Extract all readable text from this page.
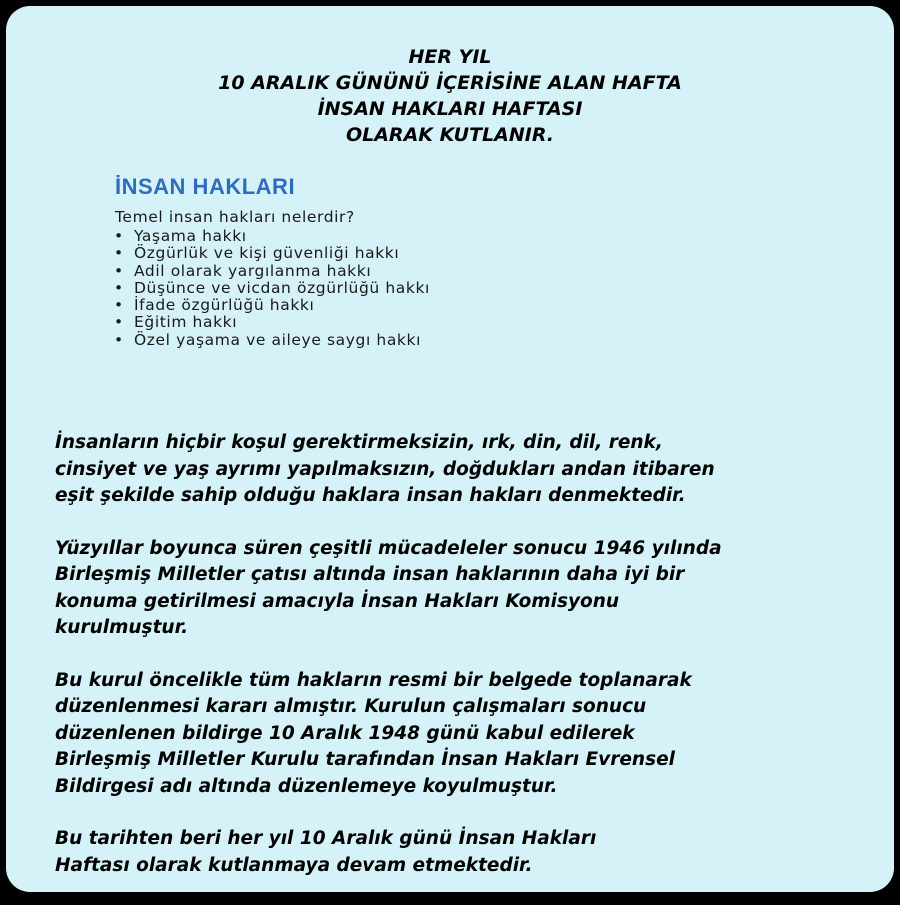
HER YIL
10 ARALIK GÜNÜNÜ İÇERİSİNE ALAN HAFTA
İNSAN HAKLARI HAFTASI
OLARAK KUTLANIR.
İNSAN HAKLARI
Temel insan hakları nelerdir?
• Yaşama hakkı
• Özgürlük ve kişi güvenliği hakkı
• Adil olarak yargılanma hakkı
• Düşünce ve vicdan özgürlüğü hakkı
• İfade özgürlüğü hakkı
• Eğitim hakkı
• Özel yaşama ve aileye saygı hakkı

İnsanların hiçbir koşul gerektirmeksizin, ırk, din, dil, renk,
cinsiyet ve yaş ayrımı yapılmaksızın, doğdukları andan itibaren
eşit şekilde sahip olduğu haklara insan hakları denmektedir.

Yüzyıllar boyunca süren çeşitli mücadeleler sonucu 1946 yılında
Birleşmiş Milletler çatısı altında insan haklarının daha iyi bir
konuma getirilmesi amacıyla İnsan Hakları Komisyonu
kurulmuştur.

Bu kurul öncelikle tüm hakların resmi bir belgede toplanarak
düzenlenmesi kararı almıştır. Kurulun çalışmaları sonucu
düzenlenen bildirge 10 Aralık 1948 günü kabul edilerek
Birleşmiş Milletler Kurulu tarafından İnsan Hakları Evrensel
Bildirgesi adı altında düzenlemeye koyulmuştur.

Bu tarihten beri her yıl 10 Aralık günü İnsan Hakları
Haftası olarak kutlanmaya devam etmektedir.
